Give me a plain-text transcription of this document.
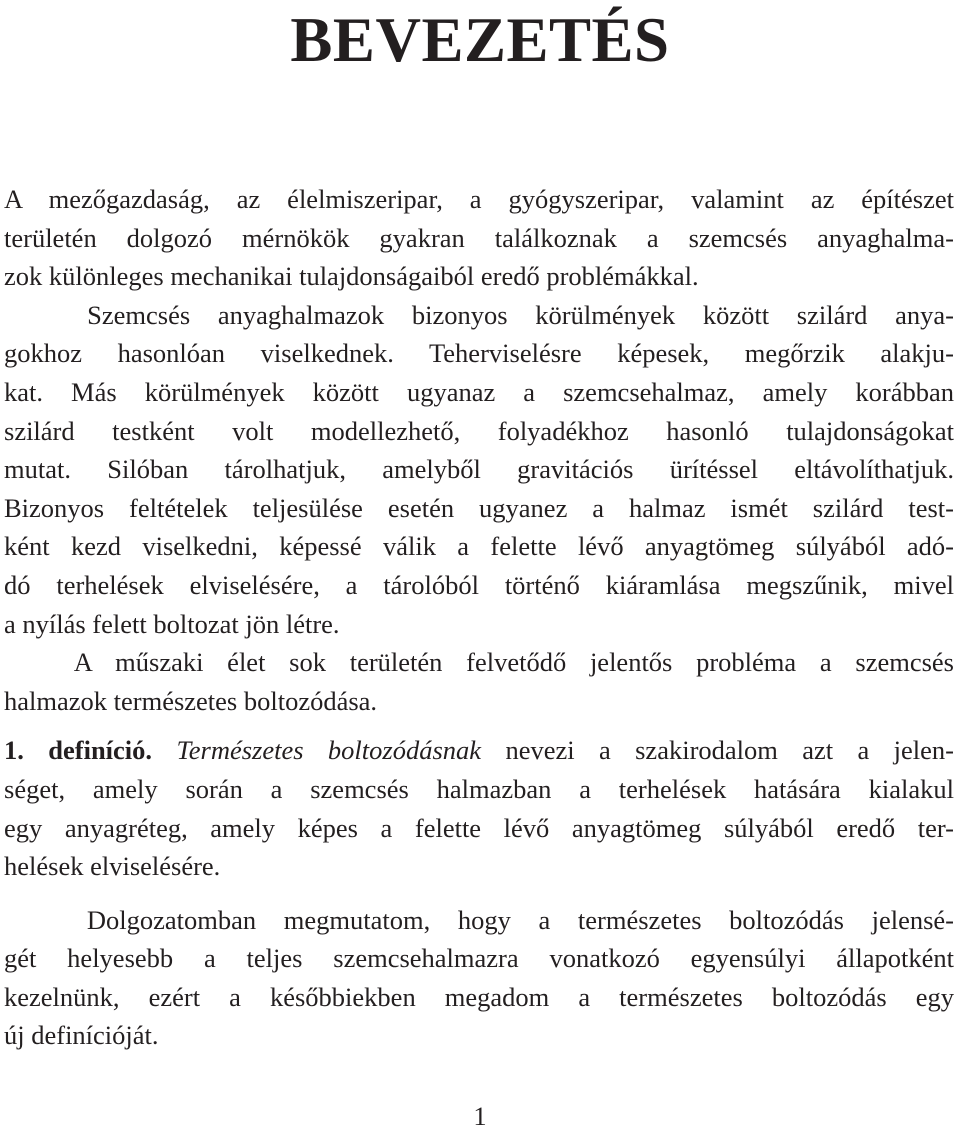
BEVEZETÉS
A mezőgazdaság, az élelmiszeripar, a gyógyszeripar, valamint az építészet
területén dolgozó mérnökök gyakran találkoznak a szemcsés anyaghalma-
zok különleges mechanikai tulajdonságaiból eredő problémákkal.
Szemcsés anyaghalmazok bizonyos körülmények között szilárd anya-
gokhoz hasonlóan viselkednek. Teherviselésre képesek, megőrzik alakju-
kat. Más körülmények között ugyanaz a szemcsehalmaz, amely korábban
szilárd testként volt modellezhető, folyadékhoz hasonló tulajdonságokat
mutat. Silóban tárolhatjuk, amelyből gravitációs ürítéssel eltávolíthatjuk.
Bizonyos feltételek teljesülése esetén ugyanez a halmaz ismét szilárd test-
ként kezd viselkedni, képessé válik a felette lévő anyagtömeg súlyából adó-
dó terhelések elviselésére, a tárolóból történő kiáramlása megszűnik, mivel
a nyílás felett boltozat jön létre.
A műszaki élet sok területén felvetődő jelentős probléma a szemcsés
halmazok természetes boltozódása.
1. definíció. Természetes boltozódásnak nevezi a szakirodalom azt a jelen-
séget, amely során a szemcsés halmazban a terhelések hatására kialakul
egy anyagréteg, amely képes a felette lévő anyagtömeg súlyából eredő ter-
helések elviselésére.
Dolgozatomban megmutatom, hogy a természetes boltozódás jelensé-
gét helyesebb a teljes szemcsehalmazra vonatkozó egyensúlyi állapotként
kezelnünk, ezért a későbbiekben megadom a természetes boltozódás egy
új definícióját.
1
